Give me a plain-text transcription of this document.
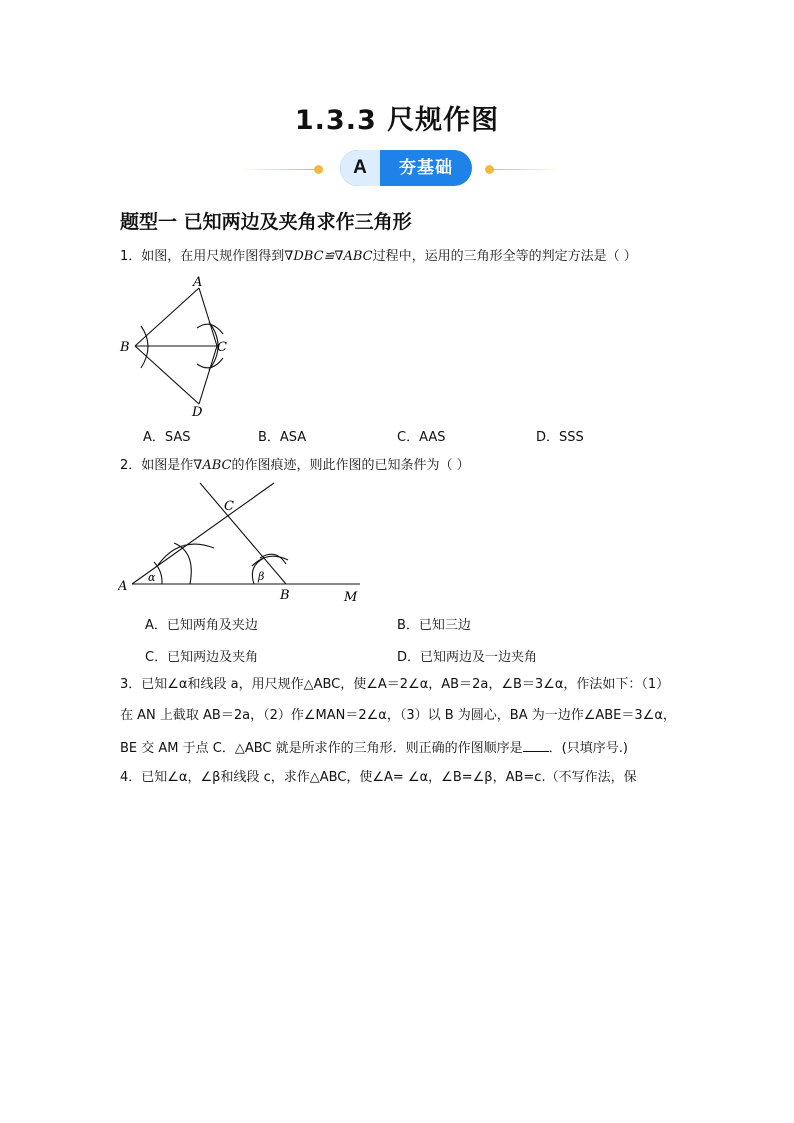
1.3.3 尺规作图
A	夯基础
题型一 已知两边及夹角求作三角形
1．如图，在用尺规作图得到∇DBC≌∇ABC过程中，运用的三角形全等的判定方法是（ ）
A
B	C
D
A．SAS	B．ASA	C．AAS	D．SSS
2．如图是作∇ABC的作图痕迹，则此作图的已知条件为（ ）
A
C
B	M
α	β
A．已知两角及夹边	B．已知三边
C．已知两边及夹角	D．已知两边及一边夹角
3．已知∠α和线段 a，用尺规作△ABC，使∠A＝2∠α，AB＝2a，∠B＝3∠α，作法如下：（1）
在 AN 上截取 AB＝2a，（2）作∠MAN＝2∠α，（3）以 B 为圆心，BA 为一边作∠ABE＝3∠α，
BE 交 AM 于点 C．△ABC 就是所求作的三角形．则正确的作图顺序是 ．(只填序号.)
4．已知∠α，∠β和线段 c，求作△ABC，使∠A= ∠α，∠B=∠β，AB=c.（不写作法，保
